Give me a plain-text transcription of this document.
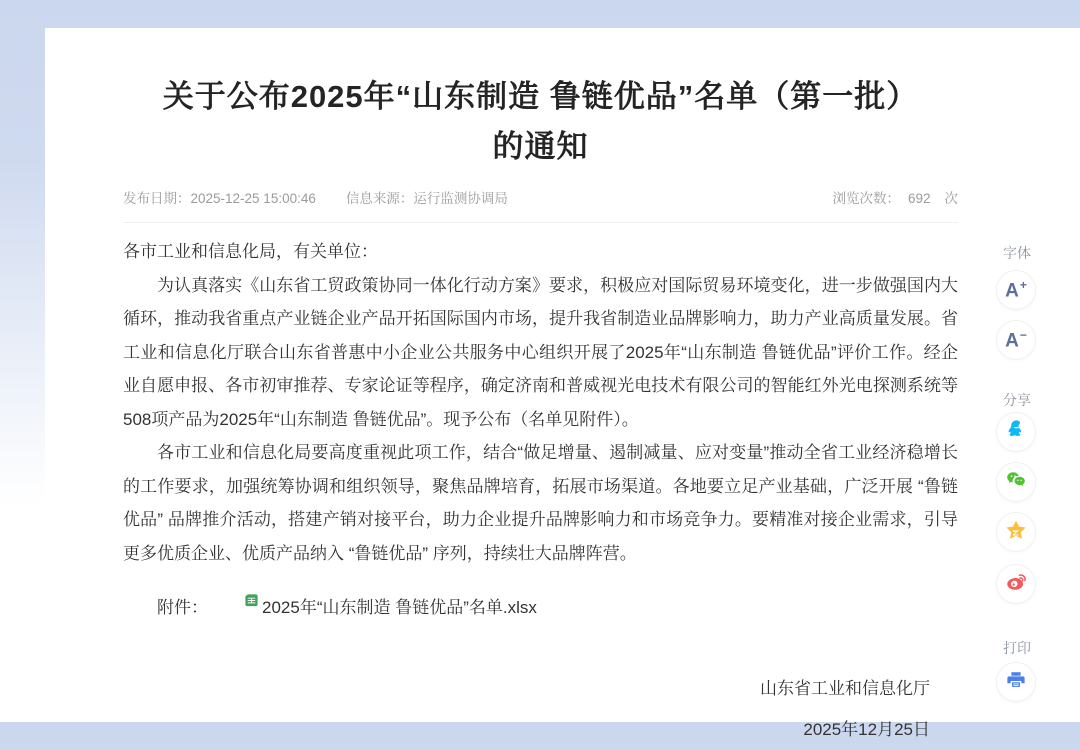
关于公布2025年“山东制造 鲁链优品”名单（第一批）
的通知
发布日期：2025-12-25 15:00:46 信息来源：运行监测协调局	浏览次数： 692 次

各市工业和信息化局，有关单位：

为认真落实《山东省工贸政策协同一体化行动方案》要求，积极应对国际贸易环境变化，进一步做强国内大循环，推动我省重点产业链企业产品开拓国际国内市场，提升我省制造业品牌影响力，助力产业高质量发展。省工业和信息化厅联合山东省普惠中小企业公共服务中心组织开展了2025年“山东制造 鲁链优品”评价工作。经企业自愿申报、各市初审推荐、专家论证等程序，确定济南和普威视光电技术有限公司的智能红外光电探测系统等508项产品为2025年“山东制造 鲁链优品”。现予公布（名单见附件）。

各市工业和信息化局要高度重视此项工作，结合“做足增量、遏制减量、应对变量”推动全省工业经济稳增长的工作要求，加强统筹协调和组织领导，聚焦品牌培育，拓展市场渠道。各地要立足产业基础，广泛开展 “鲁链优品” 品牌推介活动，搭建产销对接平台，助力企业提升品牌影响力和市场竞争力。要精准对接企业需求，引导更多优质企业、优质产品纳入 “鲁链优品” 序列，持续壮大品牌阵营。

附件：	2025年“山东制造 鲁链优品”名单.xlsx
山东省工业和信息化厅
2025年12月25日
字体
A+
A−
分享
打印
